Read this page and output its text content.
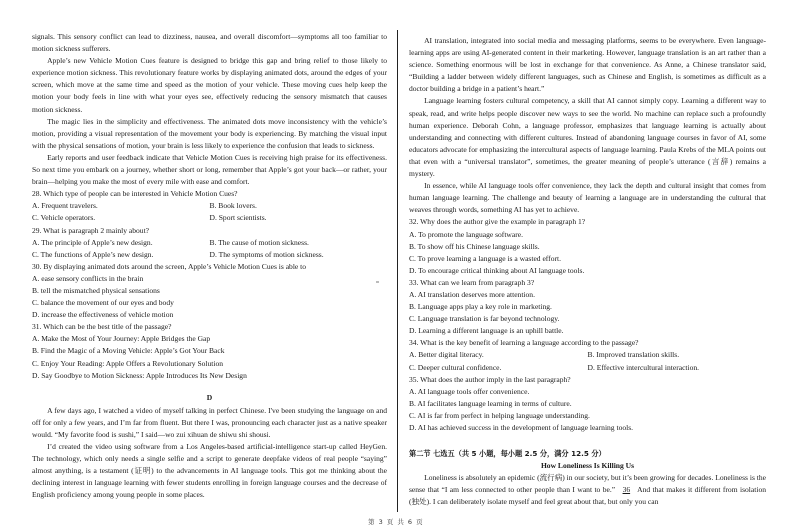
signals. This sensory conflict can lead to dizziness, nausea, and overall discomfort—symptoms all too familiar to motion sickness sufferers.

Apple’s new Vehicle Motion Cues feature is designed to bridge this gap and bring relief to those likely to experience motion sickness. This revolutionary feature works by displaying animated dots, around the edges of your screen, which move at the same time and speed as the motion of your vehicle. These moving cues help keep the motion your body feels in line with what your eyes see, effectively reducing the sensory mismatch that causes motion sickness.

The magic lies in the simplicity and effectiveness. The animated dots move inconsistency with the vehicle’s motion, providing a visual representation of the movement your body is experiencing. By matching the visual input with the physical sensations of motion, your brain is less likely to experience the confusion that leads to sickness.

Early reports and user feedback indicate that Vehicle Motion Cues is receiving high praise for its effectiveness. So next time you embark on a journey, whether short or long, remember that Apple’s got your back—or rather, your brain—helping you make the most of every mile with ease and comfort.

28. Which type of people can be interested in Vehicle Motion Cues?

A. Frequent travelers.	B. Book lovers.

C. Vehicle operators.	D. Sport scientists.

29. What is paragraph 2 mainly about?

A. The principle of Apple’s new design.	B. The cause of motion sickness.

C. The functions of Apple’s new design.	D. The symptoms of motion sickness.

30. By displaying animated dots around the screen, Apple’s Vehicle Motion Cues is able to

A. ease sensory conflicts in the brain

B. tell the mismatched physical sensations

C. balance the movement of our eyes and body

D. increase the effectiveness of vehicle motion

31. Which can be the best title of the passage?

A. Make the Most of Your Journey: Apple Bridges the Gap

B. Find the Magic of a Moving Vehicle: Apple’s Got Your Back

C. Enjoy Your Reading: Apple Offers a Revolutionary Solution

D. Say Goodbye to Motion Sickness: Apple Introduces Its New Design

D

A few days ago, I watched a video of myself talking in perfect Chinese. I've been studying the language on and off for only a few years, and I’m far from fluent. But there I was, pronouncing each character just as a native speaker would. “My favorite food is sushi,” I said—wo zui xihuan de shiwu shi shousi.

I’d created the video using software from a Los Angeles-based artificial-intelligence start-up called HeyGen. The technology, which only needs a single selfie and a script to generate deepfake videos of real people “saying” almost anything, is a testament (证明) to the advancements in AI language tools. This got me thinking about the declining interest in language learning with fewer students enrolling in foreign language courses and the decrease of English proficiency among young people in some places.

AI translation, integrated into social media and messaging platforms, seems to be everywhere. Even language-learning apps are using AI-generated content in their marketing. However, language translation is an art rather than a science. Something enormous will be lost in exchange for that convenience. As Anne, a Chinese translator said, “Building a ladder between widely different languages, such as Chinese and English, is sometimes as difficult as a doctor building a bridge in a patient’s heart.”

Language learning fosters cultural competency, a skill that AI cannot simply copy. Learning a different way to speak, read, and write helps people discover new ways to see the world. No machine can replace such a profoundly human experience. Deborah Cohn, a language professor, emphasizes that language learning is actually about understanding and connecting with different cultures. Instead of abandoning language courses in favor of AI, some educators advocate for emphasizing the intercultural aspects of language learning. Paula Krebs of the MLA points out that even with a “universal translator”, sometimes, the greater meaning of people’s utterance (言辞) remains a mystery.

In essence, while AI language tools offer convenience, they lack the depth and cultural insight that comes from human language learning. The challenge and beauty of learning a language are in understanding the cultural that weaves through words, something AI has yet to achieve.

32. Why does the author give the example in paragraph 1?

A. To promote the language software.

B. To show off his Chinese language skills.

C. To prove learning a language is a wasted effort.

D. To encourage critical thinking about AI language tools.

33. What can we learn from paragraph 3?

A. AI translation deserves more attention.

B. Language apps play a key role in marketing.

C. Language translation is far beyond technology.

D. Learning a different language is an uphill battle.

34. What is the key benefit of learning a language according to the passage?

A. Better digital literacy.	B. Improved translation skills.

C. Deeper cultural confidence.	D. Effective intercultural interaction.

35. What does the author imply in the last paragraph?

A. AI language tools offer convenience.

B. AI facilitates language learning in terms of culture.

C. AI is far from perfect in helping language understanding.

D. AI has achieved success in the development of language learning tools.

第二节 七选五（共 5 小题，每小题 2.5 分，满分 12.5 分）

How Loneliness Is Killing Us

Loneliness is absolutely an epidemic (流行病) in our society, but it’s been growing for decades. Loneliness is the sense that “I am less connected to other people than I want to be.” 36 And that makes it different from isolation (独处). I can deliberately isolate myself and feel great about that, but only you can

第 3 页 共 6 页
